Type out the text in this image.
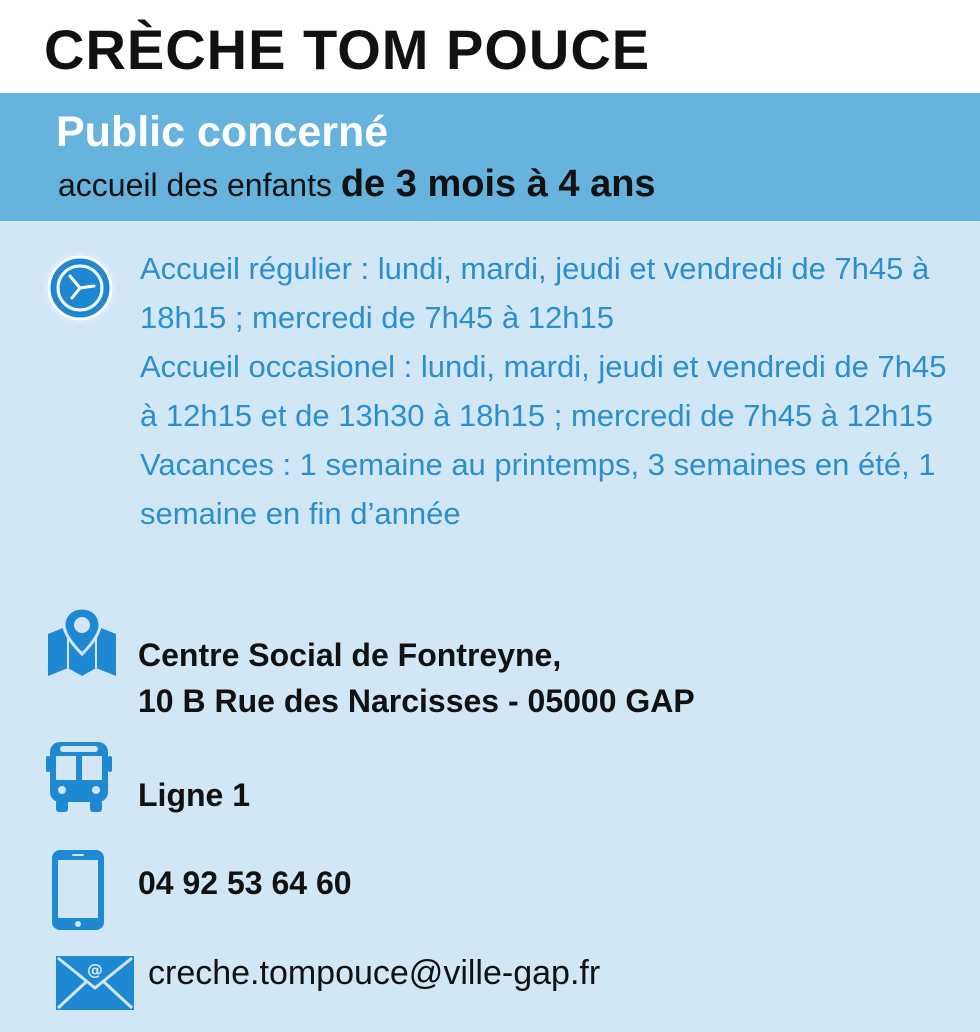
CRÈCHE TOM POUCE
Public concerné
accueil des enfants de 3 mois à 4 ans

Accueil régulier : lundi, mardi, jeudi et vendredi de 7h45 à 18h15 ; mercredi de 7h45 à 12h15

Accueil occasionel : lundi, mardi, jeudi et vendredi de 7h45 à 12h15 et de 13h30 à 18h15 ; mercredi de 7h45 à 12h15

Vacances : 1 semaine au printemps, 3 semaines en été, 1 semaine en fin d’année

Centre Social de Fontreyne,
10 B Rue des Narcisses - 05000 GAP
Ligne 1
04 92 53 64 60
@ creche.tompouce@ville-gap.fr
